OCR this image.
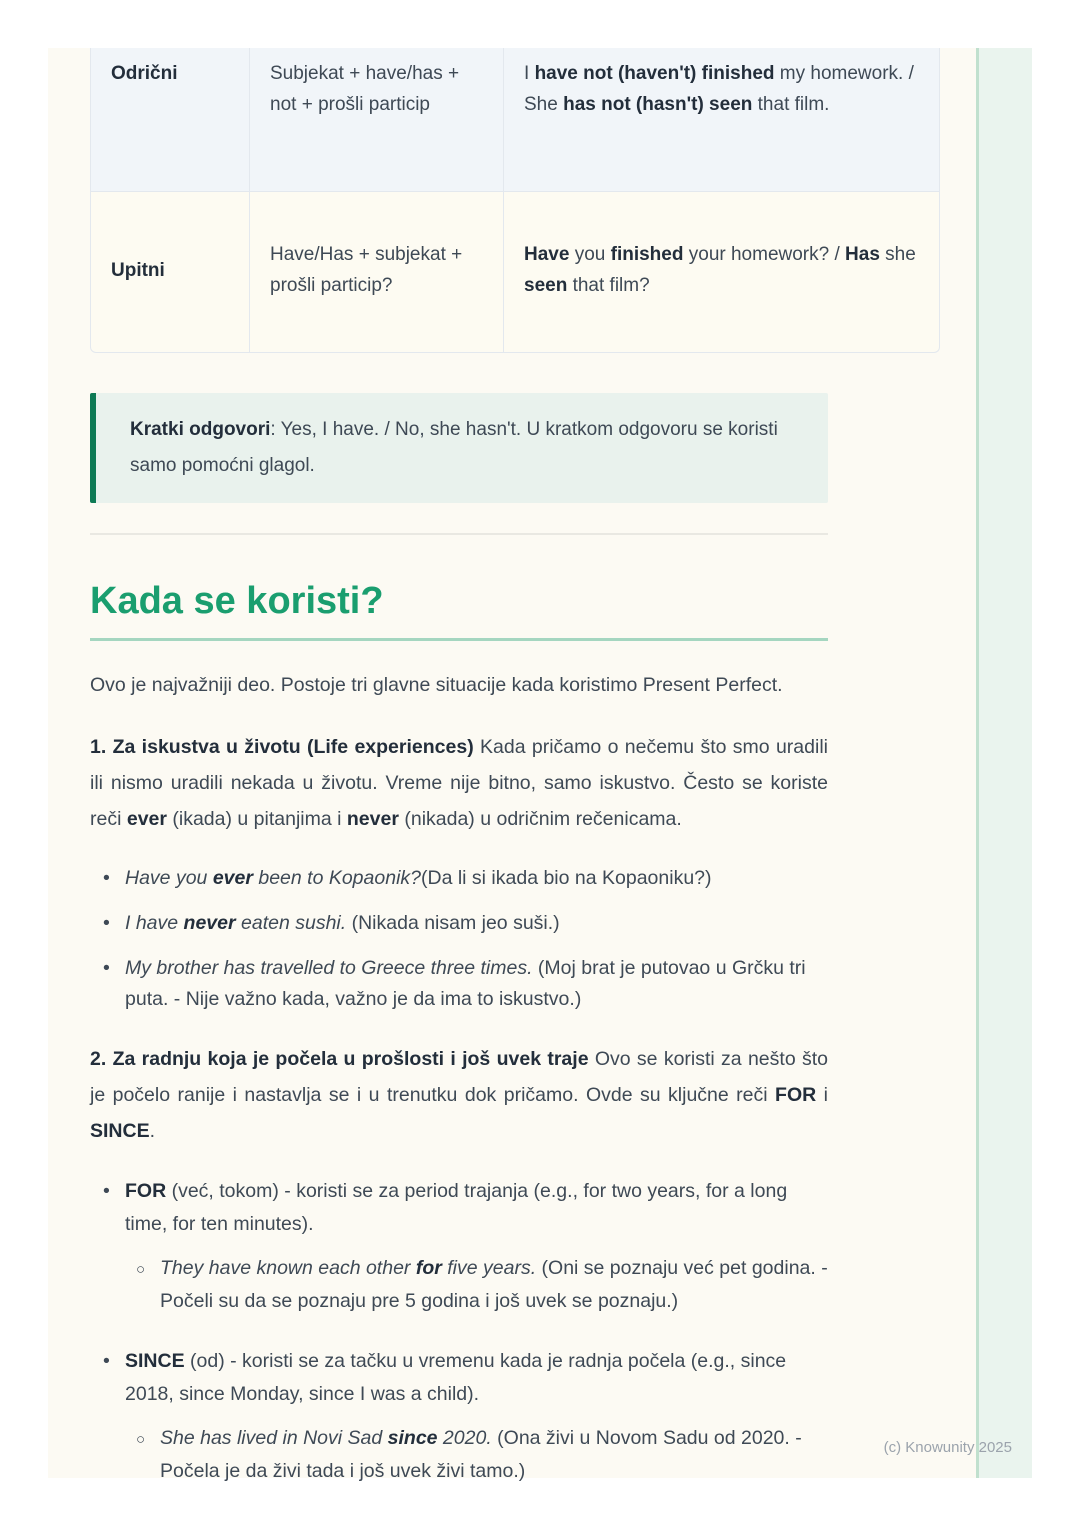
Odrični	Subjekat + have/has + not + prošli particip	I have not (haven't) finished my homework. / She has not (hasn't) seen that film.
Upitni	Have/Has + subjekat + prošli particip?	Have you finished your homework? / Has she seen that film?

Kratki odgovori: Yes, I have. / No, she hasn't. U kratkom odgovoru se koristi samo pomoćni glagol.

Kada se koristi?

Ovo je najvažniji deo. Postoje tri glavne situacije kada koristimo Present Perfect.

1. Za iskustva u životu (Life experiences) Kada pričamo o nečemu što smo uradili ili nismo uradili nekada u životu. Vreme nije bitno, samo iskustvo. Često se koriste reči ever (ikada) u pitanjima i never (nikada) u odričnim rečenicama.

• Have you ever been to Kopaonik?(Da li si ikada bio na Kopaoniku?)
• I have never eaten sushi. (Nikada nisam jeo suši.)
• My brother has travelled to Greece three times. (Moj brat je putovao u Grčku tri puta. - Nije važno kada, važno je da ima to iskustvo.)

2. Za radnju koja je počela u prošlosti i još uvek traje Ovo se koristi za nešto što je počelo ranije i nastavlja se i u trenutku dok pričamo. Ovde su ključne reči FOR i SINCE.

• FOR (već, tokom) - koristi se za period trajanja (e.g., for two years, for a long time, for ten minutes).
○ They have known each other for five years. (Oni se poznaju već pet godina. - Počeli su da se poznaju pre 5 godina i još uvek se poznaju.)
• SINCE (od) - koristi se za tačku u vremenu kada je radnja počela (e.g., since 2018, since Monday, since I was a child).
○ She has lived in Novi Sad since 2020. (Ona živi u Novom Sadu od 2020. - Počela je da živi tada i još uvek živi tamo.)
(c) Knowunity 2025
